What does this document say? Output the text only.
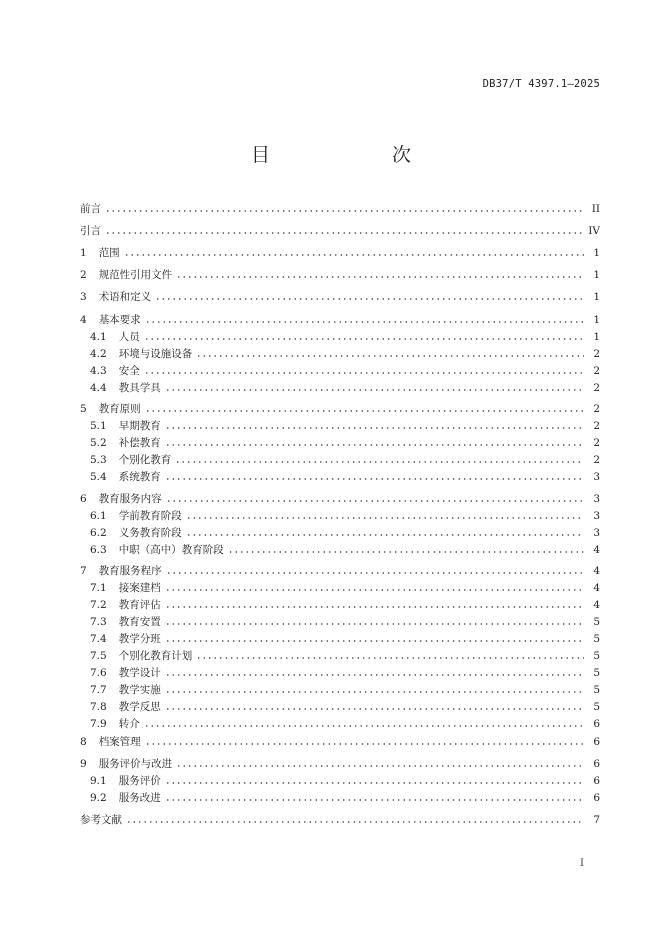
DB37/T 4397.1—2025
目　　次
前言	II
引言	IV
1 范围	1
2 规范性引用文件	1
3 术语和定义	1
4 基本要求	1
4.1 人员	1
4.2 环境与设施设备	2
4.3 安全	2
4.4 教具学具	2
5 教育原则	2
5.1 早期教育	2
5.2 补偿教育	2
5.3 个别化教育	2
5.4 系统教育	3
6 教育服务内容	3
6.1 学前教育阶段	3
6.2 义务教育阶段	3
6.3 中职（高中）教育阶段	4
7 教育服务程序	4
7.1 接案建档	4
7.2 教育评估	4
7.3 教育安置	5
7.4 教学分班	5
7.5 个别化教育计划	5
7.6 教学设计	5
7.7 教学实施	5
7.8 教学反思	5
7.9 转介	6
8 档案管理	6
9 服务评价与改进	6
9.1 服务评价	6
9.2 服务改进	6
参考文献	7
I
